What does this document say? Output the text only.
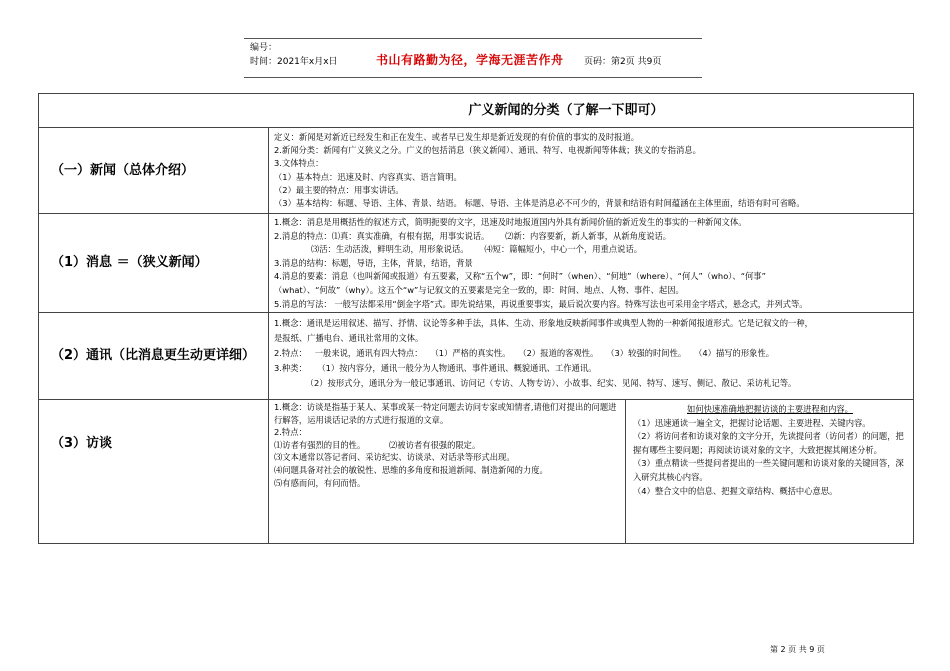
编号：
时间：2021年x月x日	书山有路勤为径，学海无涯苦作舟 页码：第2页 共9页
广义新闻的分类（了解一下即可）
（一）新闻（总体介绍）
定义：新闻是对新近已经发生和正在发生、或者早已发生却是新近发现的有价值的事实的及时报道。
2.新闻分类：新闻有广义狭义之分。广义的包括消息（狭义新闻）、通讯、特写、电视新闻等体裁；狭义的专指消息。
3.文体特点：
（1）基本特点：迅速及时、内容真实、语言简明。
（2）最主要的特点：用事实讲话。
（3）基本结构：标题、导语、主体、背景、结语。 标题、导语、主体是消息必不可少的，背景和结语有时间蕴涵在主体里面，结语有时可省略。
（1）消息 ＝（狭义新闻）
1.概念：消息是用概括性的叙述方式，简明扼要的文字，迅速及时地报道国内外具有新闻价值的新近发生的事实的一种新闻文体。
2.消息的特点：⑴真：真实准确，有根有据，用事实说话。      ⑵新：内容要新，新人新事，从新角度说话。
⑶活：生动活泼，鲜明生动，用形象说话。      ⑷短：篇幅短小，中心一个，用重点说话。
3.消息的结构：标题，导语，主体，背景，结语，背景
4.消息的要素：消息（也叫新闻或报道）有五要素，又称“五个w”，即：“何时”（when）、“何地”（where）、“何人”（who）、“何事”
（what）、“何故”（why）。这五个“w”与记叙文的五要素是完全一致的，即：时间、地点、人物、事件、起因。
5.消息的写法： 一般写法都采用“倒金字塔”式。即先说结果，再说重要事实，最后说次要内容。特殊写法也可采用金字塔式，悬念式，并列式等。
（2）通讯（比消息更生动更详细）
1.概念：通讯是运用叙述、描写、抒情、议论等多种手法，具体、生动、形象地反映新闻事件或典型人物的一种新闻报道形式。它是记叙文的一种，
是报纸、广播电台、通讯社常用的文体。
2.特点：   一般来说，通讯有四大特点：   （1）严格的真实性。   （2）报道的客观性。   （3）较强的时间性。   （4）描写的形象性。
3.种类：    （1）按内容分，通讯一般分为人物通讯、事件通讯、概貌通讯、工作通讯。
（2）按形式分，通讯分为一般记事通讯、访问记（专访、人物专访）、小故事、纪实、见闻、特写、速写、侧记、散记、采访札记等。
（3）访谈
1.概念：访谈是指基于某人、某事或某一特定问题去访问专家或知情者,请他们对提出的问题进行解答，运用谈话记录的方式进行报道的文章。
2.特点：
⑴访者有强烈的目的性。         ⑵被访者有很强的限定。
⑶文本通常以答记者问、采访纪实、访谈录、对话录等形式出现。
⑷问题具备对社会的敏锐性、思维的多角度和报道新闻、制造新闻的力度。
⑸有感而问，有问而悟。
如何快速准确地把握访谈的主要进程和内容。
（1）迅速通读一遍全文，把握讨论话题、主要进程、关键内容。
（2）将访问者和访谈对象的文字分开，先读提问者（访问者）的问题，把握有哪些主要问题；再阅读访谈对象的文字，大致把握其阐述分析。
（3）重点精读一些提问者提出的一些关键问题和访谈对象的关键回答，深入研究其核心内容。
（4）整合文中的信息、把握文章结构、概括中心意思。
第 2 页 共 9 页
